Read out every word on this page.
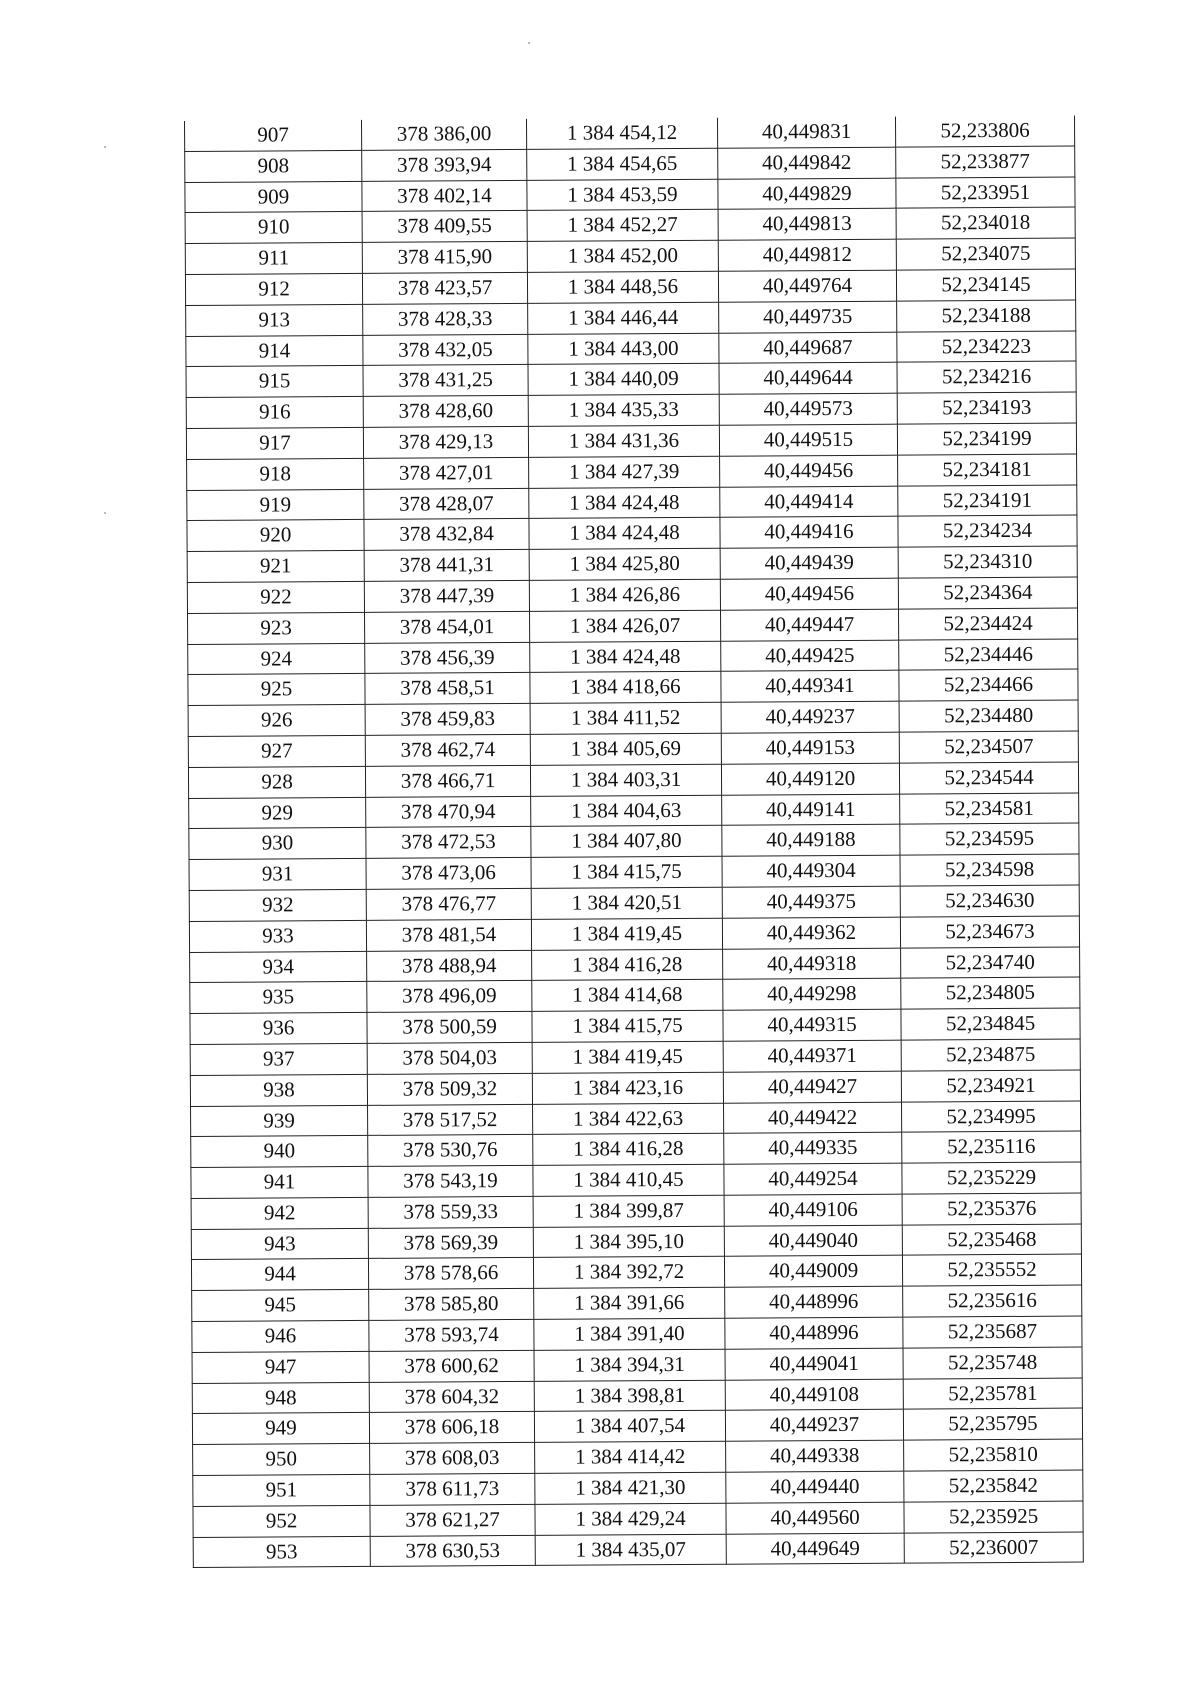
907	378 386,00	1 384 454,12	40,449831	52,233806
908	378 393,94	1 384 454,65	40,449842	52,233877
909	378 402,14	1 384 453,59	40,449829	52,233951
910	378 409,55	1 384 452,27	40,449813	52,234018
911	378 415,90	1 384 452,00	40,449812	52,234075
912	378 423,57	1 384 448,56	40,449764	52,234145
913	378 428,33	1 384 446,44	40,449735	52,234188
914	378 432,05	1 384 443,00	40,449687	52,234223
915	378 431,25	1 384 440,09	40,449644	52,234216
916	378 428,60	1 384 435,33	40,449573	52,234193
917	378 429,13	1 384 431,36	40,449515	52,234199
918	378 427,01	1 384 427,39	40,449456	52,234181
919	378 428,07	1 384 424,48	40,449414	52,234191
920	378 432,84	1 384 424,48	40,449416	52,234234
921	378 441,31	1 384 425,80	40,449439	52,234310
922	378 447,39	1 384 426,86	40,449456	52,234364
923	378 454,01	1 384 426,07	40,449447	52,234424
924	378 456,39	1 384 424,48	40,449425	52,234446
925	378 458,51	1 384 418,66	40,449341	52,234466
926	378 459,83	1 384 411,52	40,449237	52,234480
927	378 462,74	1 384 405,69	40,449153	52,234507
928	378 466,71	1 384 403,31	40,449120	52,234544
929	378 470,94	1 384 404,63	40,449141	52,234581
930	378 472,53	1 384 407,80	40,449188	52,234595
931	378 473,06	1 384 415,75	40,449304	52,234598
932	378 476,77	1 384 420,51	40,449375	52,234630
933	378 481,54	1 384 419,45	40,449362	52,234673
934	378 488,94	1 384 416,28	40,449318	52,234740
935	378 496,09	1 384 414,68	40,449298	52,234805
936	378 500,59	1 384 415,75	40,449315	52,234845
937	378 504,03	1 384 419,45	40,449371	52,234875
938	378 509,32	1 384 423,16	40,449427	52,234921
939	378 517,52	1 384 422,63	40,449422	52,234995
940	378 530,76	1 384 416,28	40,449335	52,235116
941	378 543,19	1 384 410,45	40,449254	52,235229
942	378 559,33	1 384 399,87	40,449106	52,235376
943	378 569,39	1 384 395,10	40,449040	52,235468
944	378 578,66	1 384 392,72	40,449009	52,235552
945	378 585,80	1 384 391,66	40,448996	52,235616
946	378 593,74	1 384 391,40	40,448996	52,235687
947	378 600,62	1 384 394,31	40,449041	52,235748
948	378 604,32	1 384 398,81	40,449108	52,235781
949	378 606,18	1 384 407,54	40,449237	52,235795
950	378 608,03	1 384 414,42	40,449338	52,235810
951	378 611,73	1 384 421,30	40,449440	52,235842
952	378 621,27	1 384 429,24	40,449560	52,235925
953	378 630,53	1 384 435,07	40,449649	52,236007
